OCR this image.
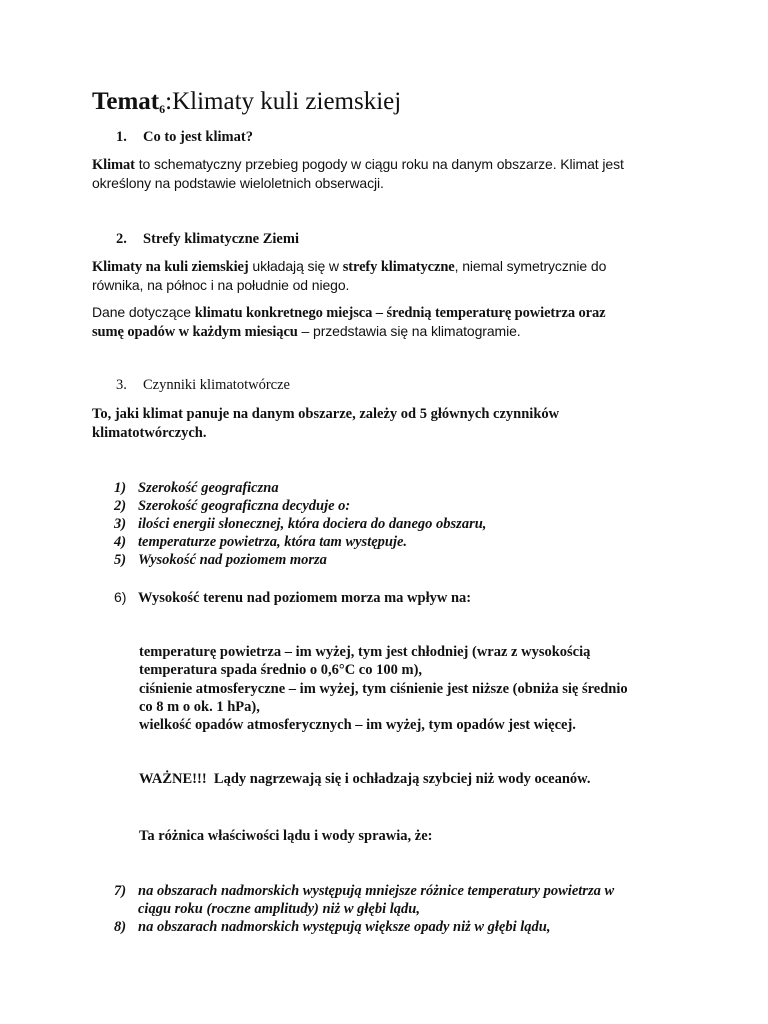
Temat$_6$:Klimaty kuli ziemskiej
1. Co to jest klimat?
Klimat to schematyczny przebieg pogody w ciągu roku na danym obszarze. Klimat jest
określony na podstawie wieloletnich obserwacji.
2. Strefy klimatyczne Ziemi
Klimaty na kuli ziemskiej układają się w strefy klimatyczne, niemal symetrycznie do
równika, na północ i na południe od niego.
Dane dotyczące klimatu konkretnego miejsca – średnią temperaturę powietrza oraz
sumę opadów w każdym miesiącu – przedstawia się na klimatogramie.
3. Czynniki klimatotwórcze
To, jaki klimat panuje na danym obszarze, zależy od 5 głównych czynników
klimatotwórczych.
1) Szerokość geograficzna
2) Szerokość geograficzna decyduje o:
3) ilości energii słonecznej, która dociera do danego obszaru,
4) temperaturze powietrza, która tam występuje.
5) Wysokość nad poziomem morza
6) Wysokość terenu nad poziomem morza ma wpływ na:
temperaturę powietrza – im wyżej, tym jest chłodniej (wraz z wysokością
temperatura spada średnio o 0,6°C co 100 m),
ciśnienie atmosferyczne – im wyżej, tym ciśnienie jest niższe (obniża się średnio
co 8 m o ok. 1 hPa),
wielkość opadów atmosferycznych – im wyżej, tym opadów jest więcej.
WAŻNE!!!  Lądy nagrzewają się i ochładzają szybciej niż wody oceanów.
Ta różnica właściwości lądu i wody sprawia, że:
7) na obszarach nadmorskich występują mniejsze różnice temperatury powietrza w
ciągu roku (roczne amplitudy) niż w głębi lądu,
8) na obszarach nadmorskich występują większe opady niż w głębi lądu,
